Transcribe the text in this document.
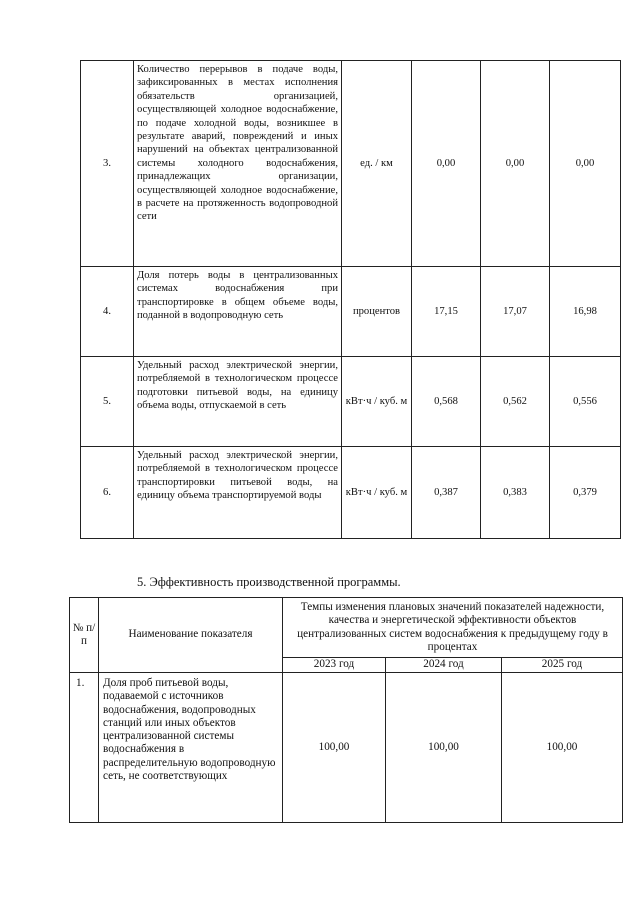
3.	Количество перерывов в подаче воды, зафиксированных в местах исполнения обязательств организацией, осуществляющей холодное водоснабжение, по подаче холодной воды, возникшее в результате аварий, повреждений и иных нарушений на объектах централизованной системы холодного водоснабжения, принадлежащих организации, осуществляющей холодное водоснабжение, в расчете на протяженность водопроводной сети	ед. / км	0,00	0,00	0,00
4.	Доля потерь воды в централизованных системах водоснабжения при транспортировке в общем объеме воды, поданной в водопроводную сеть	процентов	17,15	17,07	16,98
5.	Удельный расход электрической энергии, потребляемой в технологическом процессе подготовки питьевой воды, на единицу объема воды, отпускаемой в сеть	кВт·ч / куб. м	0,568	0,562	0,556
6.	Удельный расход электрической энергии, потребляемой в технологическом процессе транспортировки питьевой воды, на единицу объема транспортируемой воды	кВт·ч / куб. м	0,387	0,383	0,379

5. Эффективность производственной программы.

№ п/п	Наименование показателя	Темпы изменения плановых значений показателей надежности, качества и энергетической эффективности объектов централизованных систем водоснабжения к предыдущему году в процентах		
		2023 год	2024 год	2025 год
1.	Доля проб питьевой воды, подаваемой с источников водоснабжения, водопроводных станций или иных объектов централизованной системы водоснабжения в распределительную водопроводную сеть, не соответствующих	100,00	100,00	100,00
